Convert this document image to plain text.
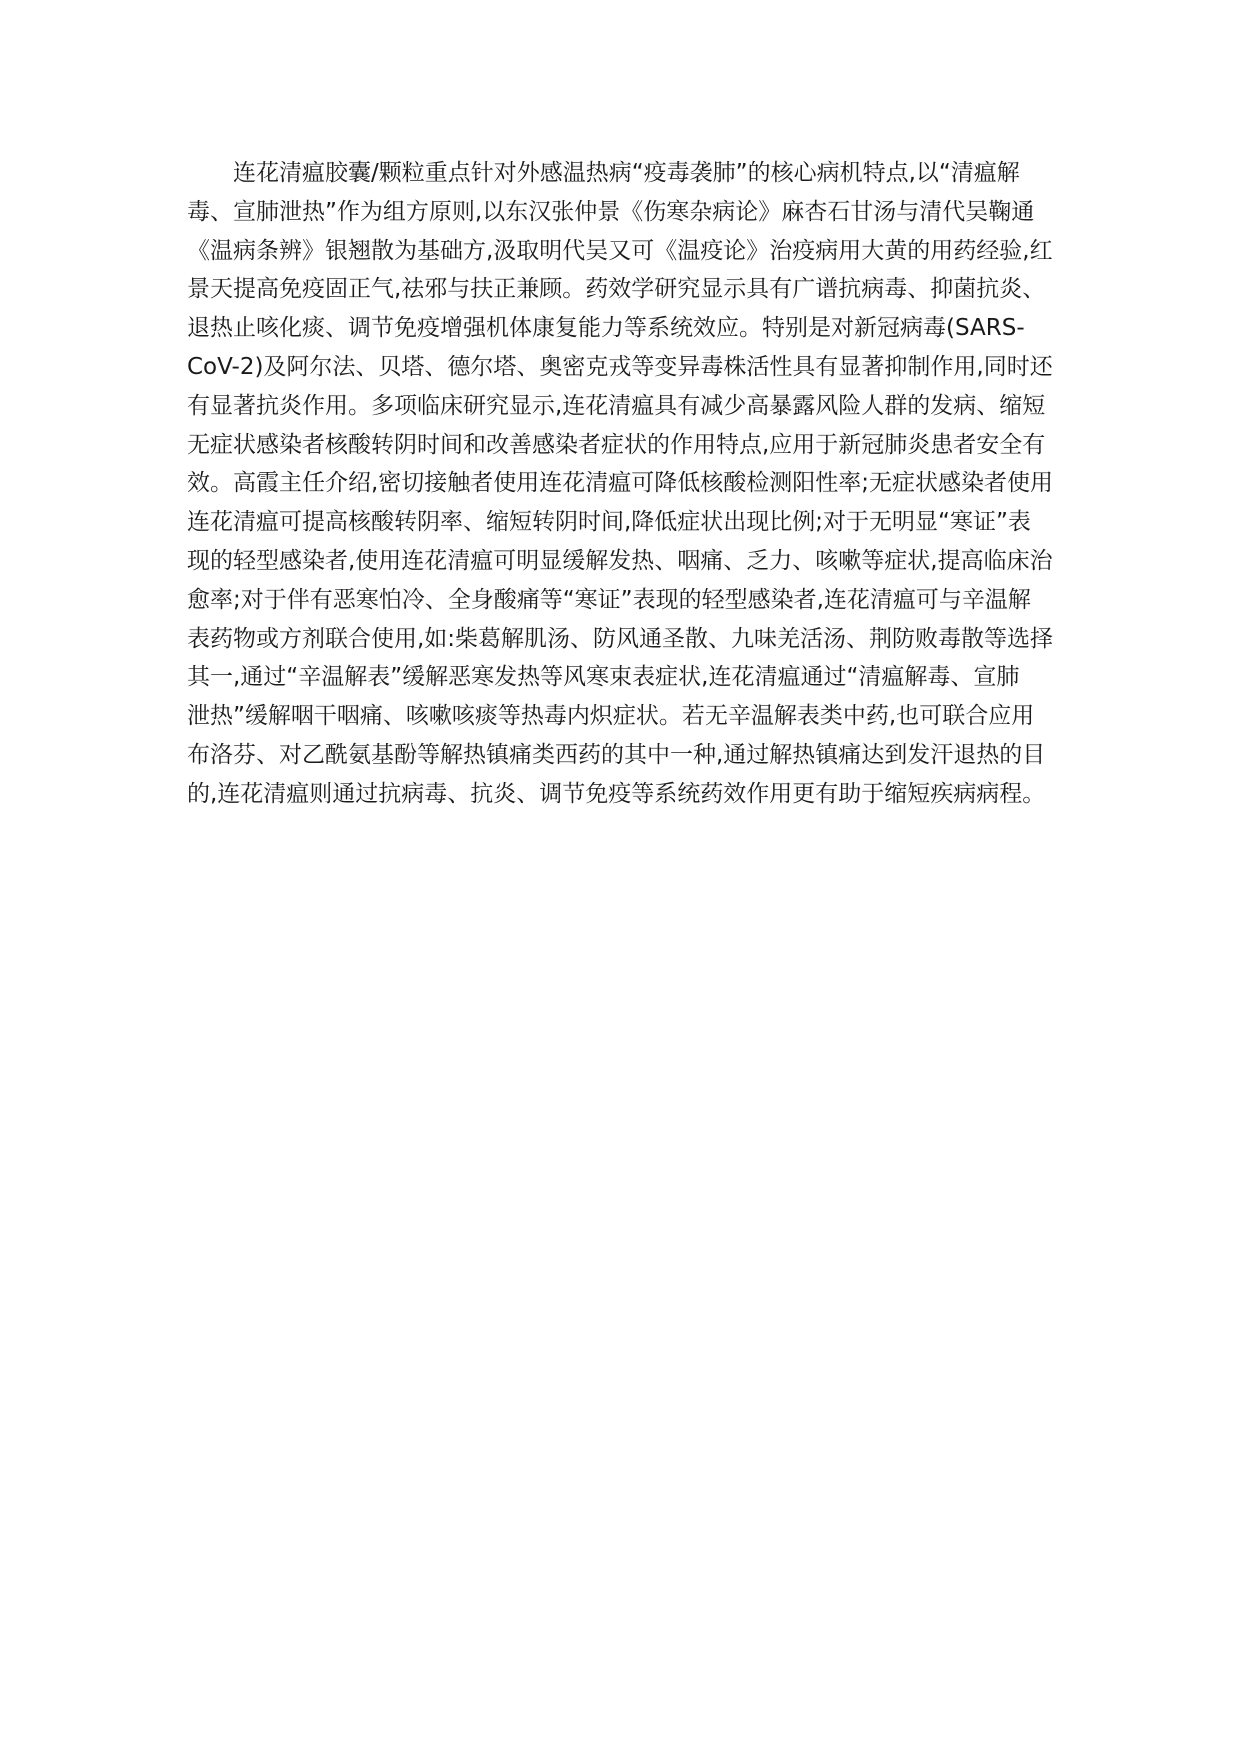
连花清瘟胶囊/颗粒重点针对外感温热病“疫毒袭肺”的核心病机特点,以“清瘟解
毒、宣肺泄热”作为组方原则,以东汉张仲景《伤寒杂病论》麻杏石甘汤与清代吴鞠通
《温病条辨》银翘散为基础方,汲取明代吴又可《温疫论》治疫病用大黄的用药经验,红
景天提高免疫固正气,祛邪与扶正兼顾。药效学研究显示具有广谱抗病毒、抑菌抗炎、
退热止咳化痰、调节免疫增强机体康复能力等系统效应。特别是对新冠病毒(SARS-
CoV-2)及阿尔法、贝塔、德尔塔、奥密克戎等变异毒株活性具有显著抑制作用,同时还
有显著抗炎作用。多项临床研究显示,连花清瘟具有减少高暴露风险人群的发病、缩短
无症状感染者核酸转阴时间和改善感染者症状的作用特点,应用于新冠肺炎患者安全有
效。高霞主任介绍,密切接触者使用连花清瘟可降低核酸检测阳性率;无症状感染者使用
连花清瘟可提高核酸转阴率、缩短转阴时间,降低症状出现比例;对于无明显“寒证”表
现的轻型感染者,使用连花清瘟可明显缓解发热、咽痛、乏力、咳嗽等症状,提高临床治
愈率;对于伴有恶寒怕冷、全身酸痛等“寒证”表现的轻型感染者,连花清瘟可与辛温解
表药物或方剂联合使用,如:柴葛解肌汤、防风通圣散、九味羌活汤、荆防败毒散等选择
其一,通过“辛温解表”缓解恶寒发热等风寒束表症状,连花清瘟通过“清瘟解毒、宣肺
泄热”缓解咽干咽痛、咳嗽咳痰等热毒内炽症状。若无辛温解表类中药,也可联合应用
布洛芬、对乙酰氨基酚等解热镇痛类西药的其中一种,通过解热镇痛达到发汗退热的目
的,连花清瘟则通过抗病毒、抗炎、调节免疫等系统药效作用更有助于缩短疾病病程。
